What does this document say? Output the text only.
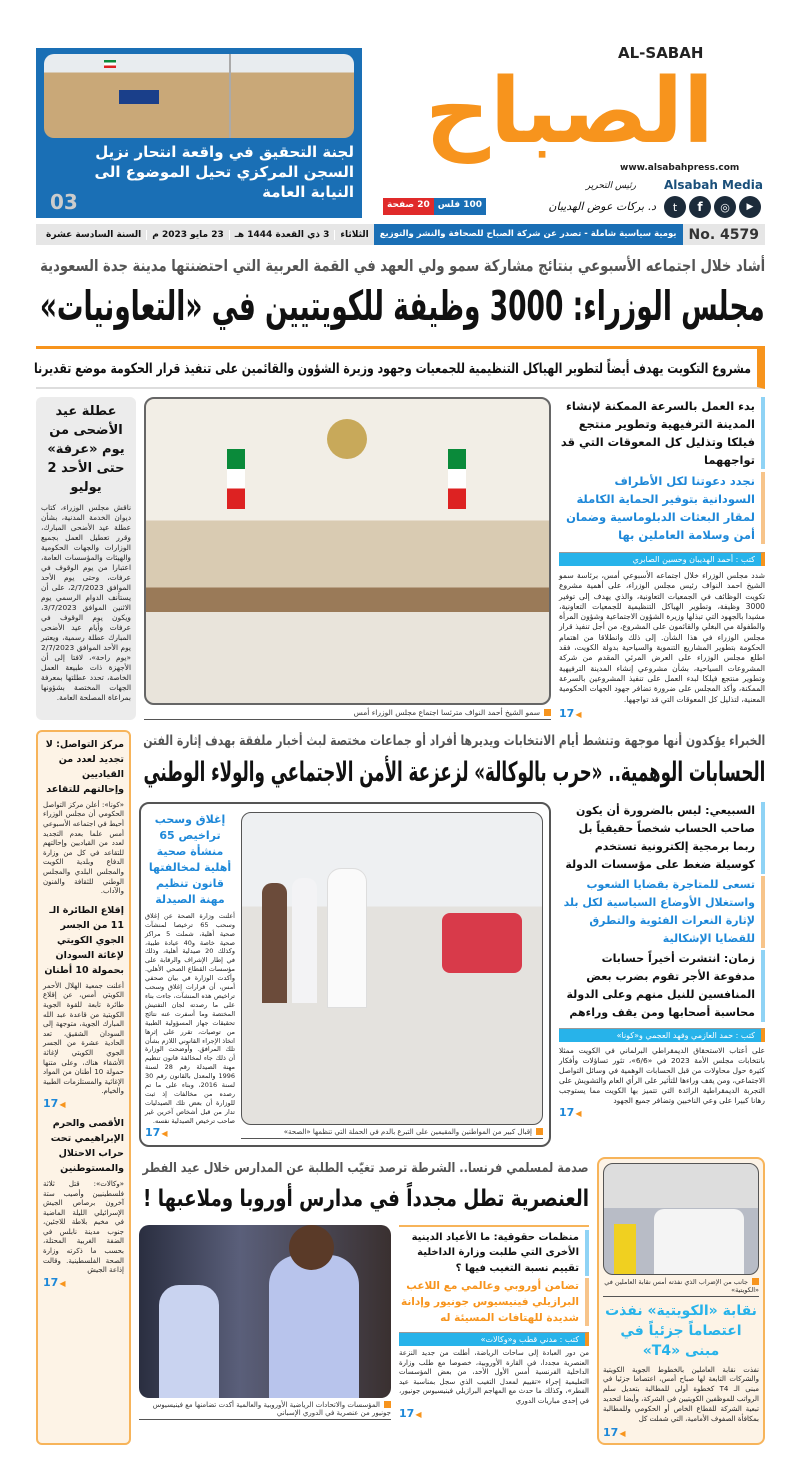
لجنة التحقيق في واقعة انتحار نزيل السجن المركزي تحيل الموضوع الى النيابة العامة
03
AL-SABAH
الصباح
www.alsabahpress.com
Alsabah Media
t	f	◎	▶
رئيس التحرير
د. بركات عوض الهديبان
20 صفحة 100 فلس
No. 4579
يومية سياسية شاملة - تصدر عن شركة الصباح للصحافة والنشر والتوزيع
الثلاثاء
3 ذي القعدة 1444 هـ
23 مايو 2023 م
السنة السادسة عشرة
أشاد خلال اجتماعه الأسبوعي بنتائج مشاركة سمو ولي العهد في القمة العربية التي احتضنتها مدينة جدة السعودية
مجلس الوزراء: 3000 وظيفة للكويتيين في «التعاونيات»
مشروع التكويت يهدف أيضاً لتطوير الهياكل التنظيمية للجمعيات وجهود وزيرة الشؤون والقائمين على تنفيذ قرار الحكومة موضع تقديرنا
بدء العمل بالسرعة الممكنة لإنشاء المدينة الترفيهية وتطوير منتجع فيلكا وتذليل كل المعوقات التي قد تواجههما
نجدد دعوتنا لكل الأطراف السودانية بتوفير الحماية الكاملة لمقار البعثات الدبلوماسية وضمان أمن وسلامة العاملين بها
كتب : أحمد الهديبان وحسين الصابري
شدد مجلس الوزراء خلال اجتماعه الأسبوعي أمس، برئاسة سمو الشيخ احمد النواف رئيس مجلس الوزراء، على أهمية مشروع تكويت الوظائف في الجمعيات التعاونية، والذي يهدف إلى توفير 3000 وظيفة، وتطوير الهياكل التنظيمية للجمعيات التعاونية، مشيدا بالجهود التي تبذلها وزيرة الشؤون الاجتماعية وشؤون المرأة والطفولة مي البغلي والقائمون على المشروع، من أجل تنفيذ قرار مجلس الوزراء في هذا الشأن. إلى ذلك وانطلاقا من اهتمام الحكومة بتطوير المشاريع التنموية والسياحية بدولة الكويت، فقد اطلع مجلس الوزراء على العرض المرئي المقدم من شركة المشروعات السياحية، بشأن مشروعي إنشاء المدينة الترفيهية وتطوير منتجع فيلكا لبدء العمل على تنفيذ المشروعين بالسرعة الممكنة، وأكد المجلس على ضرورة تضافر جهود الجهات الحكومية المعنية، لتذليل كل المعوقات التي قد تواجهها.
17 ◀
سمو الشيخ أحمد النواف مترئسا اجتماع مجلس الوزراء أمس
عطلة عيد الأضحى من يوم «عرفة» حتى الأحد 2 يوليو
ناقش مجلس الوزراء، كتاب ديوان الخدمة المدنية، بشأن عطلة عيد الأضحى المبارك، وقرر تعطيل العمل بجميع الوزارات والجهات الحكومية والهيئات والمؤسسات العامة، اعتبارا من يوم الوقوف في عرفات، وحتى يوم الأحد الموافق 2/7/2023، على أن يستأنف الدوام الرسمي يوم الاثنين الموافق 3/7/2023، ويكون يوم الوقوف في عرفات وأيام عيد الأضحى المبارك عطلة رسمية، ويعتبر يوم الأحد الموافق 2/7/2023 «يوم راحة»، لافتا إلى أن الأجهزة ذات طبيعة العمل الخاصة، تحدد عطلتها بمعرفة الجهات المختصة بشؤونها بمراعاة المصلحة العامة.
الخبراء يؤكدون أنها موجهة وتنشط أيام الانتخابات ويديرها أفراد أو جماعات مختصة لبث أخبار ملفقة بهدف إثارة الفتن
الحسابات الوهمية.. «حرب بالوكالة» لزعزعة الأمن الاجتماعي والولاء الوطني
السبيعي: ليس بالضرورة أن يكون صاحب الحساب شخصاً حقيقياً بل ربما برمجية إلكترونية تستخدم كوسيلة ضغط على مؤسسات الدولة
تسعى للمتاجرة بقضايا الشعوب واستغلال الأوضاع السياسية لكل بلد لإثارة النعرات الفئوية والتطرق للقضايا الإشكالية
زمان: انتشرت أخيراً حسابات مدفوعة الأجر تقوم بضرب بعض المنافسين للنيل منهم وعلى الدولة محاسبة أصحابها ومن يقف وراءهم
كتب : حمد العازمي وفهد العجمي و«كونا»
على أعتاب الاستحقاق الديمقراطي البرلماني في الكويت ممثلا بانتخابات مجلس الأمة 2023 في «6/6»، تثور تساؤلات وأفكار كثيرة حول محاولات من قبل الحسابات الوهمية في وسائل التواصل الاجتماعي، ومن يقف وراءها للتأثير على الرأي العام والتشويش على التجربة الديمقراطية الرائدة التي تتميز بها الكويت مما يستوجب رهانا كبيرا على وعي الناخبين وتضافر جميع الجهود
17 ◀
إقبال كبير من المواطنين والمقيمين على التبرع بالدم في الحملة التي تنظمها «الصحة»
إغلاق وسحب تراخيص 65 منشأة صحية أهلية لمخالفتها قانون تنظيم مهنة الصيدلة
أعلنت وزارة الصحة عن إغلاق وسحب 65 ترخيصا لمنشآت صحية أهلية، شملت 5 مراكز صحية خاصة و40 عيادة طبية، وكذلك 20 صيدلية أهلية، وذلك في إطار الإشراف والرقابة على مؤسسات القطاع الصحي الأهلي. وأكدت الوزارة في بيان صحفي أمس، أن قرارات إغلاق وسحب تراخيص هذه المنشآت، جاءت بناء على ما رصدته لجان التفتيش المختصة وما أسفرت عنه نتائج تحقيقات جهاز المسؤولية الطبية من توصيات، تقرر على إثرها اتخاذ الإجراء القانوني اللازم بشأن تلك المرافق. وأوضحت الوزارة أن ذلك جاء لمخالفة قانون تنظيم مهنة الصيدلة رقم 28 لسنة 1996 والمعدل بالقانون رقم 30 لسنة 2016، وبناء على ما تم رصده من مخالفات إذ ثبت للوزارة أن بعض تلك الصيدليات تدار من قبل أشخاص آخرين غير صاحب ترخيص الصيدلية نفسه.
17 ◀
جانب من الإضراب الذي نفذته أمس نقابة العاملين في «الكويتية»
نقابة «الكويتية» نفذت اعتصاماً جزئياً في مبنى «T4»
نفذت نقابة العاملين بالخطوط الجوية الكويتية والشركات التابعة لها صباح أمس، اعتصاما جزئيا في مبنى الـ T4 كخطوة أولى للمطالبة بتعديل سلم الرواتب للموظفين الكويتيين في الشركة، وأيضا لتحديد تبعية الشركة للقطاع الخاص أو الحكومي وللمطالبة بمكافأة الصفوف الأمامية، التي شملت كل
17 ◀
صدمة لمسلمي فرنسا.. الشرطة ترصد تغيّب الطلبة عن المدارس خلال عيد الفطر
العنصرية تطل مجدداً في مدارس أوروبا وملاعبها !
منظمات حقوقية: ما الأعياد الدينية الأخرى التي طلبت وزارة الداخلية تقييم نسبة التغيب فيها ؟
تضامن أوروبي وعالمي مع اللاعب البرازيلي فينيسيوس جونيور وإدانة شديدة للهتافات المسيئة له
كتب : مدني قطب و«وكالات»
من دور العبادة إلى ساحات الرياضة، أطلت من جديد النزعة العنصرية مجددا، في القارة الأوروبية، خصوصا مع طلب وزارة الداخلية الفرنسية أمس الأول الأحد، من بعض المؤسسات التعليمية إجراء «تقييم لمعدل التغيب الذي سجل بمناسبة عيد الفطر»، وكذلك ما حدث مع المهاجم البرازيلي فينيسيوس جونيور، في إحدى مباريات الدوري
17 ◀
المؤسسات والاتحادات الرياضية الأوروبية والعالمية أكدت تضامنها مع فينيسيوس جونيور من عنصرية في الدوري الإسباني
مركز التواصل: لا تجديد لعدد من القياديين وإحالتهم للتقاعد
«كونا»: أعلن مركز التواصل الحكومي أن مجلس الوزراء أحيط في اجتماعه الأسبوعي أمس علما بعدم التجديد لعدد من القياديين وإحالتهم للتقاعد في كل من وزارة الدفاع وبلدية الكويت والمجلس البلدي والمجلس الوطني للثقافة والفنون والآداب.
إقلاع الطائرة الـ 11 من الجسر الجوي الكويتي لإغاثة السودان بحمولة 10 أطنان
أعلنت جمعية الهلال الأحمر الكويتي أمس، عن إقلاع طائرة تابعة للقوة الجوية الكويتية من قاعدة عبد الله المبارك الجوية، متوجهة إلى السودان الشقيق، تعد الحادية عشرة من الجسر الجوي الكويتي لإغاثة الأشقاء هناك، وعلى متنها حمولة 10 أطنان من المواد الإغاثية والمستلزمات الطبية والخيام.
17 ◀
الأقصى والحرم الإبراهيمي تحت حراب الاحتلال والمستوطنين
«وكالات»: قتل ثلاثة فلسطينيين وأصيب ستة آخرون برصاص الجيش الإسرائيلي الليلة الماضية في مخيم بلاطة للاجئين، جنوب مدينة نابلس في الضفة الغربية المحتلة، بحسب ما ذكرته وزارة الصحة الفلسطينية. وقالت إذاعة الجيش
17 ◀
